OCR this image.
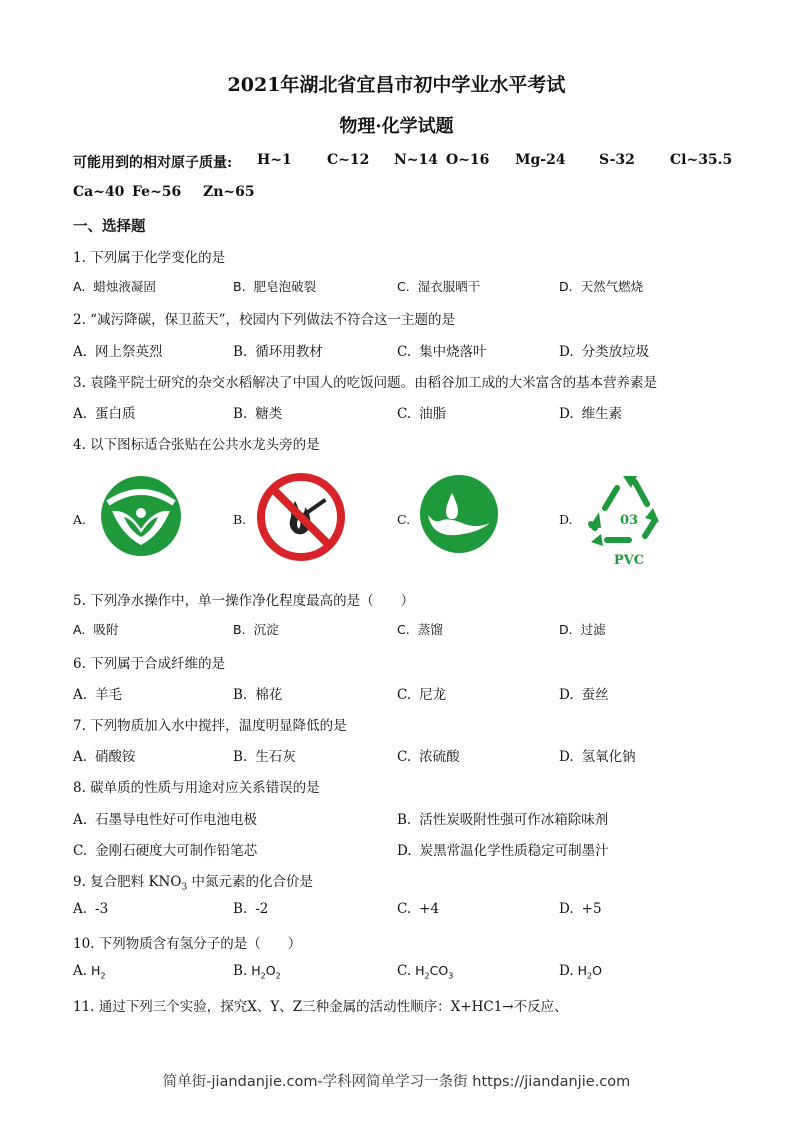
2021年湖北省宜昌市初中学业水平考试
物理·化学试题
可能用到的相对原子质量: H~1	C~12 N~14 O~16 Mg-24 S-32	Cl~35.5
Ca~40 Fe~56 Zn~65
一、选择题
1. 下列属于化学变化的是
A. 蜡烛液凝固	B. 肥皂泡破裂	C. 湿衣服晒干	D. 天然气燃烧
2. “减污降碳，保卫蓝天”，校园内下列做法不符合这一主题的是
A. 网上祭英烈	B. 循环用教材	C. 集中烧落叶	D. 分类放垃圾
3. 袁隆平院士研究的杂交水稻解决了中国人的吃饭问题。由稻谷加工成的大米富含的基本营养素是
A. 蛋白质	B. 糖类	C. 油脂	D. 维生素
4. 以下图标适合张贴在公共水龙头旁的是
A.	B.	C.	D.	03
PVC
5. 下列净水操作中，单一操作净化程度最高的是（　　）
A. 吸附	B. 沉淀	C. 蒸馏	D. 过滤
6. 下列属于合成纤维的是
A. 羊毛	B. 棉花	C. 尼龙	D. 蚕丝
7. 下列物质加入水中搅拌，温度明显降低的是
A. 硝酸铵	B. 生石灰	C. 浓硫酸	D. 氢氧化钠
8. 碳单质的性质与用途对应关系错误的是
A. 石墨导电性好可作电池电极	B. 活性炭吸附性强可作冰箱除味剂
C. 金刚石硬度大可制作铅笔芯	D. 炭黑常温化学性质稳定可制墨汁
9. 复合肥料 $KNO_3$ 中氮元素的化合价是
A. -3	B. -2	C. +4	D. +5
10. 下列物质含有氢分子的是（　　）
A. $H_2$	B. $H_2O_2$	C. $H_2CO_3$	D. $H_2O$
11. 通过下列三个实验，探究X、Y、Z三种金属的活动性顺序：X+HC1→不反应、
简单街-jiandanjie.com-学科网简单学习一条街 https://jiandanjie.com
